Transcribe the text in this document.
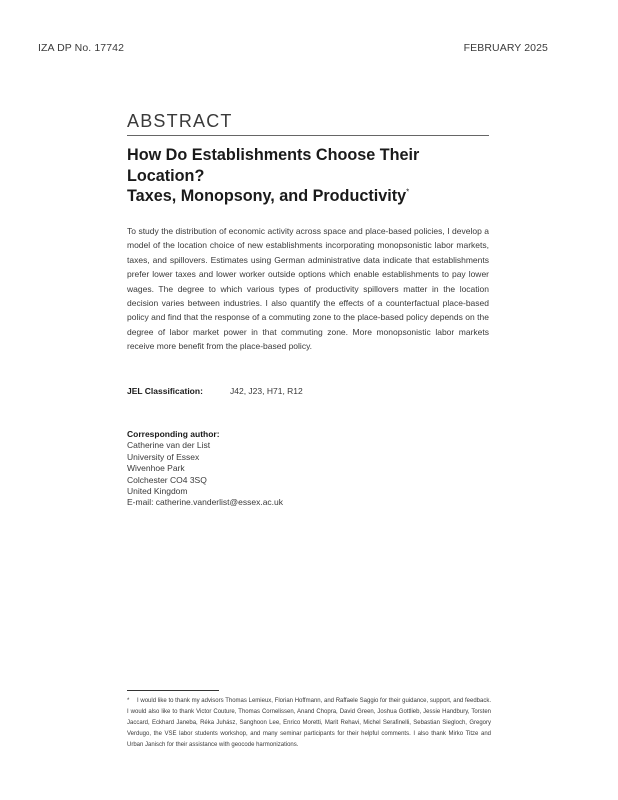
IZA DP No. 17742	FEBRUARY 2025
ABSTRACT
How Do Establishments Choose Their
Location?
Taxes, Monopsony, and Productivity*

To study the distribution of economic activity across space and place-based policies, I develop a model of the location choice of new establishments incorporating monopsonistic labor markets, taxes, and spillovers. Estimates using German administrative data indicate that establishments prefer lower taxes and lower worker outside options which enable establishments to pay lower wages. The degree to which various types of productivity spillovers matter in the location decision varies between industries. I also quantify the effects of a counterfactual place-based policy and find that the response of a commuting zone to the place-based policy depends on the degree of labor market power in that commuting zone. More monopsonistic labor markets receive more benefit from the place-based policy.

JEL Classification:	J42, J23, H71, R12
Corresponding author:
Catherine van der List
University of Essex
Wivenhoe Park
Colchester CO4 3SQ
United Kingdom
E-mail: catherine.vanderlist@essex.ac.uk
* I would like to thank my advisors Thomas Lemieux, Florian Hoffmann, and Raffaele Saggio for their guidance, support, and feedback. I would also like to thank Victor Couture, Thomas Cornelissen, Anand Chopra, David Green, Joshua Gottlieb, Jessie Handbury, Torsten Jaccard, Eckhard Janeba, Réka Juhász, Sanghoon Lee, Enrico Moretti, Marit Rehavi, Michel Serafinelli, Sebastian Siegloch, Gregory Verdugo, the VSE labor students workshop, and many seminar participants for their helpful comments. I also thank Mirko Titze and Urban Janisch for their assistance with geocode harmonizations.
